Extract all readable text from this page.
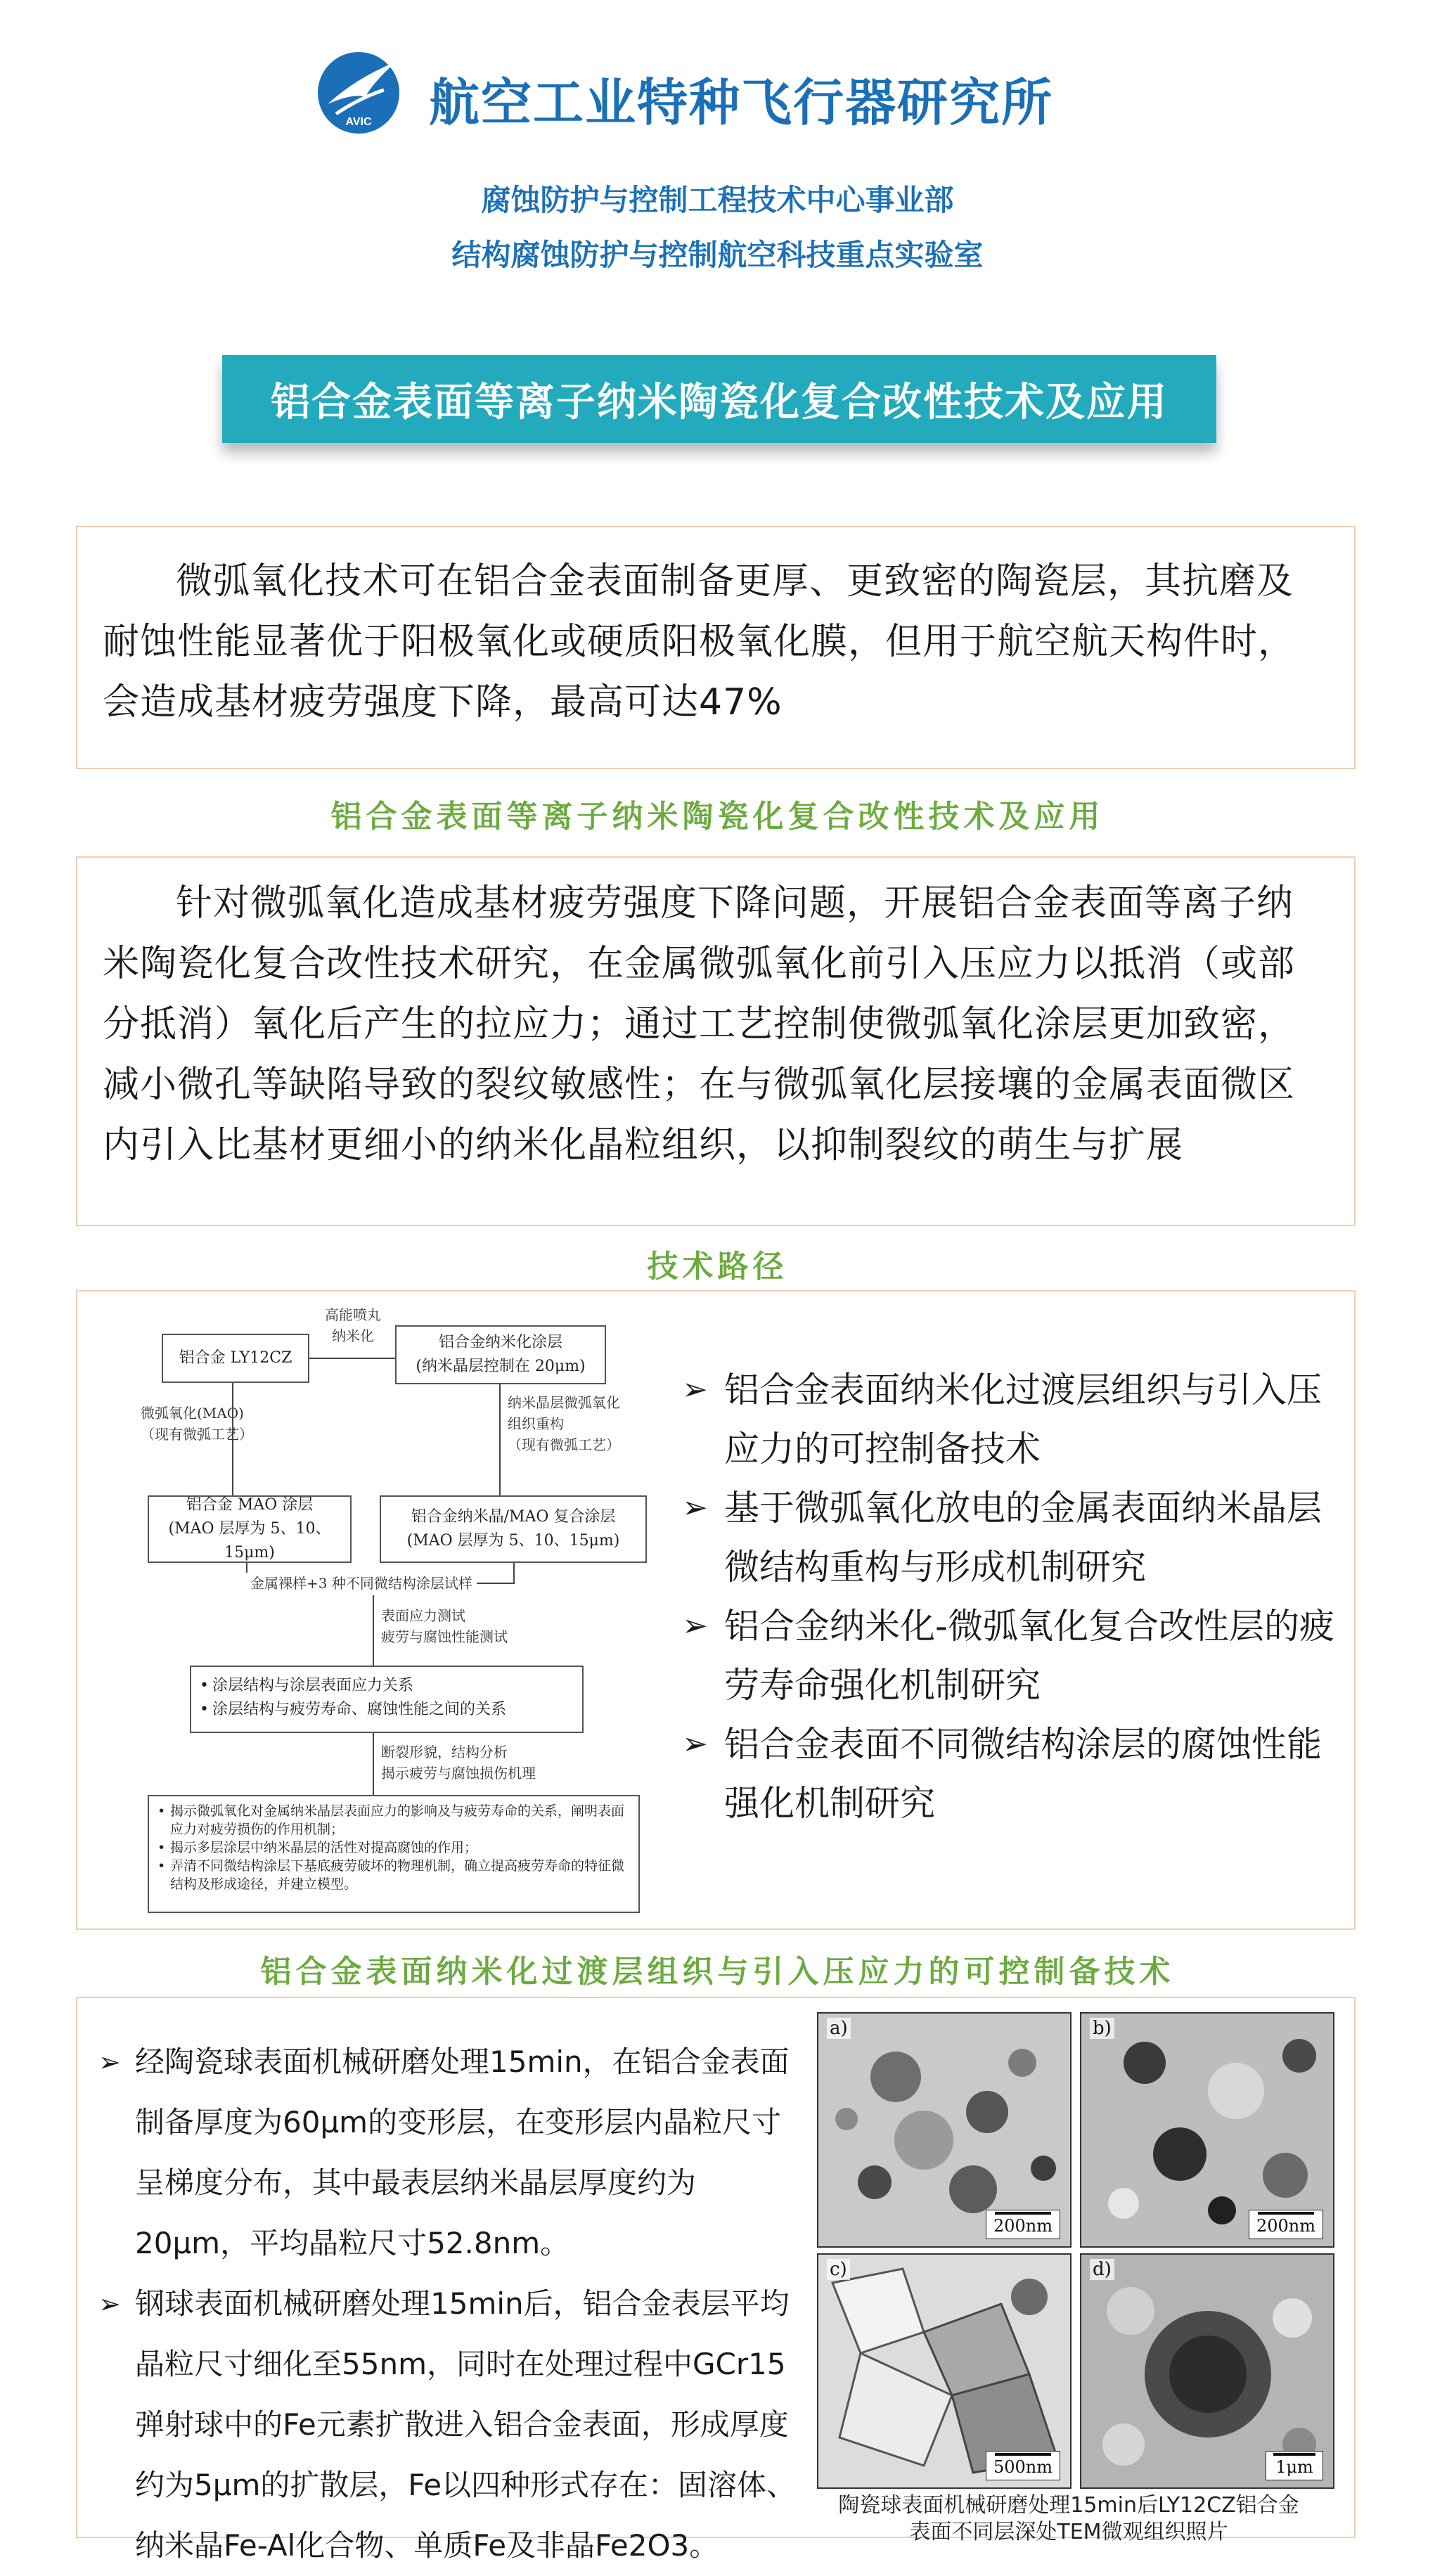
AVIC 航空工业特种飞行器研究所
腐蚀防护与控制工程技术中心事业部
结构腐蚀防护与控制航空科技重点实验室
铝合金表面等离子纳米陶瓷化复合改性技术及应用
微弧氧化技术可在铝合金表面制备更厚、更致密的陶瓷层，其抗磨及耐蚀性能显著优于阳极氧化或硬质阳极氧化膜，但用于航空航天构件时，会造成基材疲劳强度下降，最高可达47%
铝合金表面等离子纳米陶瓷化复合改性技术及应用
针对微弧氧化造成基材疲劳强度下降问题，开展铝合金表面等离子纳米陶瓷化复合改性技术研究，在金属微弧氧化前引入压应力以抵消（或部分抵消）氧化后产生的拉应力；通过工艺控制使微弧氧化涂层更加致密，减小微孔等缺陷导致的裂纹敏感性；在与微弧氧化层接壤的金属表面微区内引入比基材更细小的纳米化晶粒组织，以抑制裂纹的萌生与扩展
技术路径
铝合金 LY12CZ
高能喷丸
纳米化	铝合金纳米化涂层
(纳米晶层控制在 20μm)
微弧氧化(MAO)
（现有微弧工艺）
纳米晶层微弧氧化
组织重构
（现有微弧工艺）
铝合金 MAO 涂层
(MAO 层厚为 5、10、15μm)
铝合金纳米晶/MAO 复合涂层
(MAO 层厚为 5、10、15μm)
金属裸样+3 种不同微结构涂层试样
表面应力测试
疲劳与腐蚀性能测试
• 涂层结构与涂层表面应力关系
• 涂层结构与疲劳寿命、腐蚀性能之间的关系
断裂形貌，结构分析
揭示疲劳与腐蚀损伤机理
• 揭示微弧氧化对金属纳米晶层表面应力的影响及与疲劳寿命的关系，阐明表面应力对疲劳损伤的作用机制；
• 揭示多层涂层中纳米晶层的活性对提高腐蚀的作用；
• 弄清不同微结构涂层下基底疲劳破坏的物理机制，确立提高疲劳寿命的特征微结构及形成途径，并建立模型。
➢ 铝合金表面纳米化过渡层组织与引入压应力的可控制备技术
➢ 基于微弧氧化放电的金属表面纳米晶层微结构重构与形成机制研究
➢ 铝合金纳米化-微弧氧化复合改性层的疲劳寿命强化机制研究
➢ 铝合金表面不同微结构涂层的腐蚀性能强化机制研究
铝合金表面纳米化过渡层组织与引入压应力的可控制备技术
➢ 经陶瓷球表面机械研磨处理15min，在铝合金表面制备厚度为60μm的变形层，在变形层内晶粒尺寸呈梯度分布，其中最表层纳米晶层厚度约为20μm，平均晶粒尺寸52.8nm。
➢ 钢球表面机械研磨处理15min后，铝合金表层平均晶粒尺寸细化至55nm，同时在处理过程中GCr15弹射球中的Fe元素扩散进入铝合金表面，形成厚度约为5μm的扩散层，Fe以四种形式存在：固溶体、纳米晶Fe-Al化合物、单质Fe及非晶Fe2O3。
a)
200nm
b)
200nm
c)
500nm
d)
1μm
陶瓷球表面机械研磨处理15min后LY12CZ铝合金
表面不同层深处TEM微观组织照片
